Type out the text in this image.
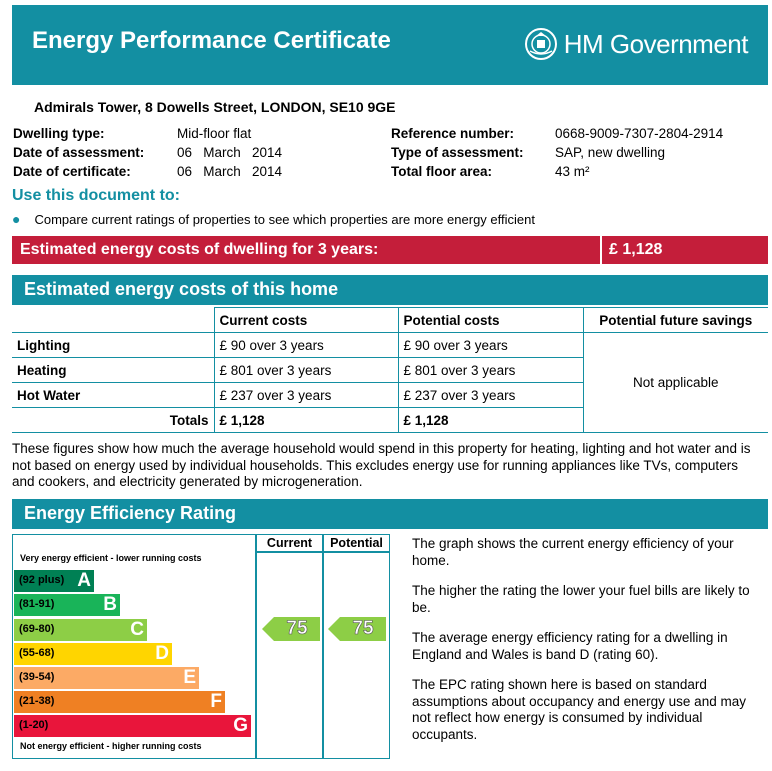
Energy Performance Certificate	HM Government
Admirals Tower, 8 Dowells Street, LONDON, SE10 9GE
Dwelling type:	Mid-floor flat
Date of assessment: 06   March   2014
Date of certificate:	06   March   2014
Reference number:	0668-9009-7307-2804-2914
Type of assessment: SAP, new dwelling
Total floor area:	43 m²
Use this document to:
● Compare current ratings of properties to see which properties are more energy efficient
Estimated energy costs of dwelling for 3 years:	£ 1,128
Estimated energy costs of this home
	Current costs	Potential costs	Potential future savings
Lighting	£ 90 over 3 years	£ 90 over 3 years	Not applicable
Heating	£ 801 over 3 years	£ 801 over 3 years	
Hot Water	£ 237 over 3 years	£ 237 over 3 years	
Totals	£ 1,128	£ 1,128	
These figures show how much the average household would spend in this property for heating, lighting and hot water and is not based on energy used by individual households. This excludes energy use for running appliances like TVs, computers and cookers, and electricity generated by microgeneration.
Energy Efficiency Rating
Current	Potential
Very energy efficient - lower running costs
Not energy efficient - higher running costs
(92 plus) A
(81-91)	B
(69-80)	C
(55-68)	D
(39-54)	E
(21-38)	F
(1-20)	G
75	75

The graph shows the current energy efficiency of your home.

The higher the rating the lower your fuel bills are likely to be.

The average energy efficiency rating for a dwelling in England and Wales is band D (rating 60).

The EPC rating shown here is based on standard assumptions about occupancy and energy use and may not reflect how energy is consumed by individual occupants.
